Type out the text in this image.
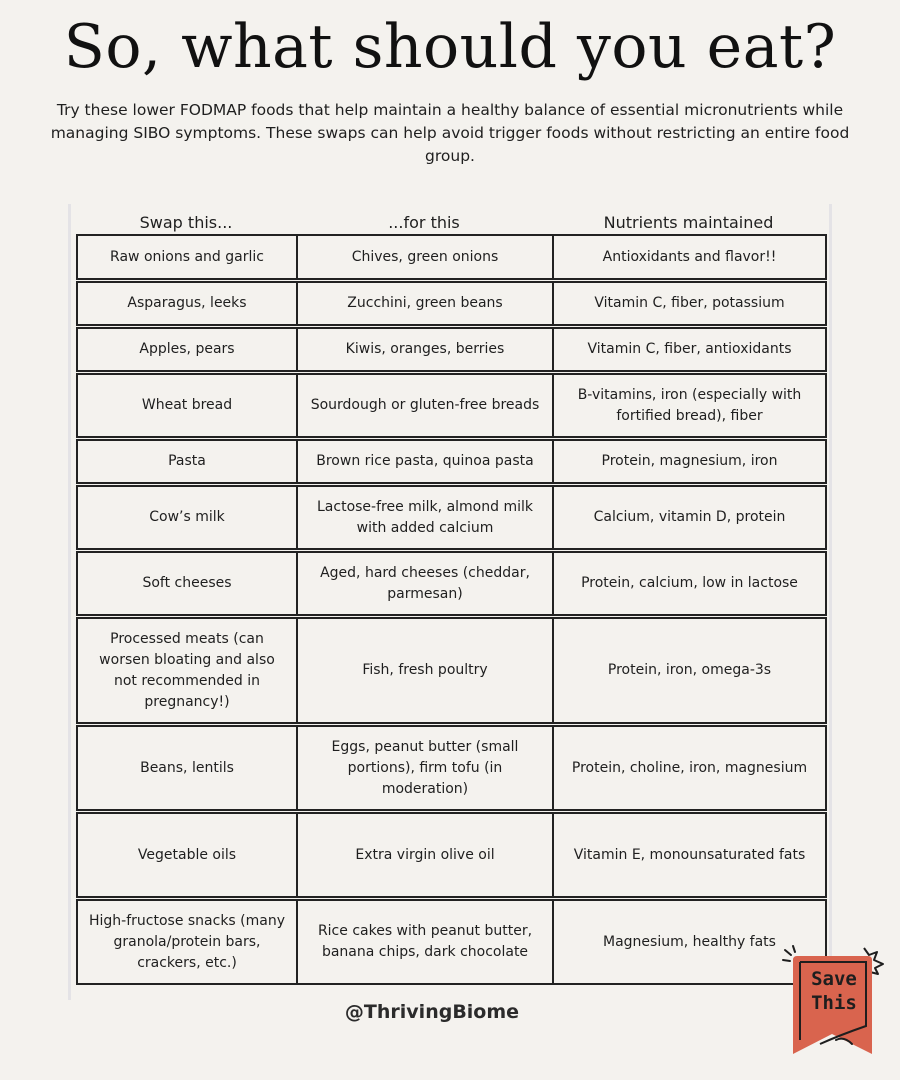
So, what should you eat?

Try these lower FODMAP foods that help maintain a healthy balance of essential micronutrients while managing SIBO symptoms. These swaps can help avoid trigger foods without restricting an entire food group.

Swap this...	...for this	Nutrients maintained
Raw onions and garlic	Chives, green onions	Antioxidants and flavor!!

Asparagus, leeks	Zucchini, green beans	Vitamin C, fiber, potassium

Apples, pears	Kiwis, oranges, berries	Vitamin C, fiber, antioxidants

Wheat bread	Sourdough or gluten-free breads	B-vitamins, iron (especially with fortified bread), fiber

Pasta	Brown rice pasta, quinoa pasta	Protein, magnesium, iron

Cow’s milk	Lactose-free milk, almond milk with added calcium	Calcium, vitamin D, protein

Soft cheeses	Aged, hard cheeses (cheddar, parmesan)	Protein, calcium, low in lactose

Processed meats (can worsen bloating and also not recommended in pregnancy!)	Fish, fresh poultry	Protein, iron, omega-3s

Beans, lentils	Eggs, peanut butter (small portions), firm tofu (in moderation)	Protein, choline, iron, magnesium

Vegetable oils	Extra virgin olive oil	Vitamin E, monounsaturated fats

High-fructose snacks (many granola/protein bars, crackers, etc.)	Rice cakes with peanut butter, banana chips, dark chocolate	Magnesium, healthy fats
@ThrivingBiome
Save
This
